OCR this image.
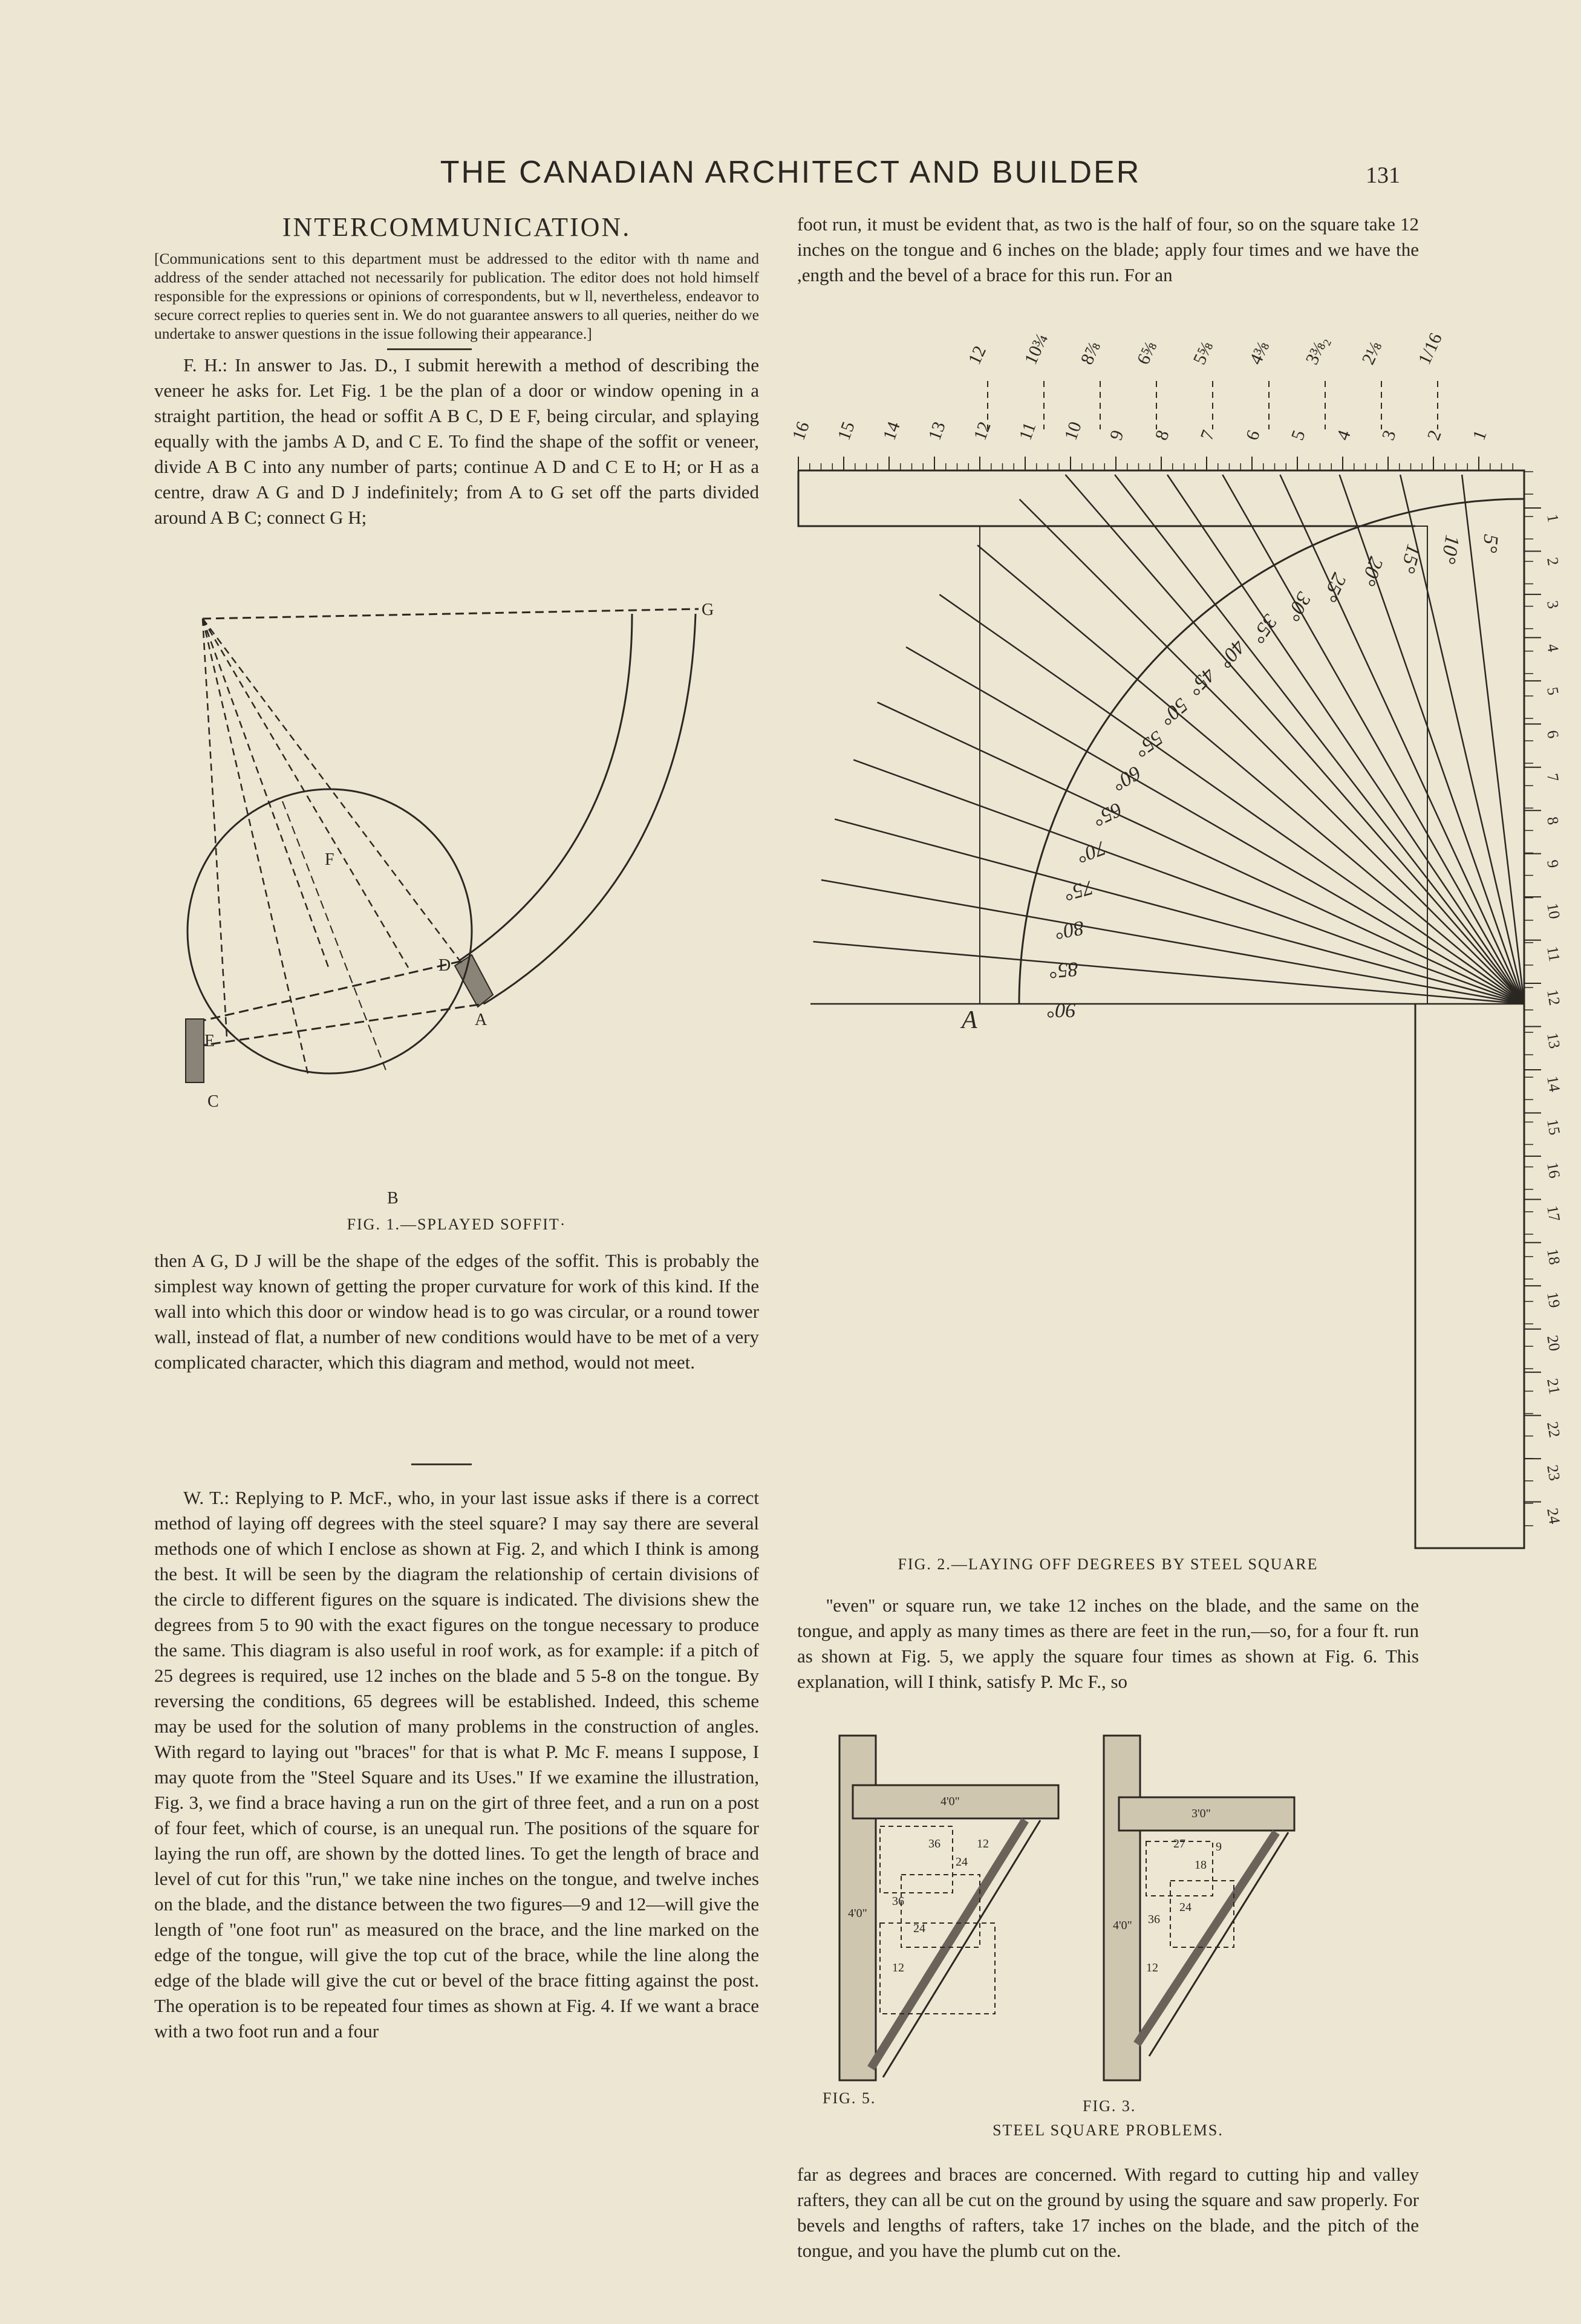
THE CANADIAN ARCHITECT AND BUILDER	131
INTERCOMMUNICATION.
[Communications sent to this department must be addressed to the editor with th name and address of the sender attached not necessarily for publication. The editor does not hold himself responsible for the expressions or opinions of correspondents, but w ll, nevertheless, endeavor to secure correct replies to queries sent in. We do not guarantee answers to all queries, neither do we undertake to answer questions in the issue following their appearance.]
F. H.: In answer to Jas. D., I submit herewith a method of describing the veneer he asks for. Let Fig. 1 be the plan of a door or window opening in a straight partition, the head or soffit A B C, D E F, being circular, and splaying equally with the jambs A D, and C E. To find the shape of the soffit or veneer, divide A B C into any number of parts; continue A D and C E to H; or H as a centre, draw A G and D J indefinitely; from A to G set off the parts divided around A B C; connect G H;
G
F
D
A
E
C
B
FIG. 1.—SPLAYED SOFFIT·
then A G, D J will be the shape of the edges of the soffit. This is probably the simplest way known of getting the proper curvature for work of this kind. If the wall into which this door or window head is to go was circular, or a round tower wall, instead of flat, a number of new conditions would have to be met of a very complicated character, which this diagram and method, would not meet.
W. T.: Replying to P. McF., who, in your last issue asks if there is a correct method of laying off degrees with the steel square? I may say there are several methods one of which I enclose as shown at Fig. 2, and which I think is among the best. It will be seen by the diagram the relationship of certain divisions of the circle to different figures on the square is indicated. The divisions shew the degrees from 5 to 90 with the exact figures on the tongue necessary to produce the same. This diagram is also useful in roof work, as for example: if a pitch of 25 degrees is required, use 12 inches on the blade and 5 5-8 on the tongue. By reversing the conditions, 65 degrees will be established. Indeed, this scheme may be used for the solution of many problems in the construction of angles. With regard to laying out ''braces'' for that is what P. Mc F. means I suppose, I may quote from the ''Steel Square and its Uses.'' If we examine the illustration, Fig. 3, we find a brace having a run on the girt of three feet, and a run on a post of four feet, which of course, is an unequal run. The positions of the square for laying the run off, are shown by the dotted lines. To get the length of brace and level of cut for this ''run,'' we take nine inches on the tongue, and twelve inches on the blade, and the distance between the two figures—9 and 12—will give the length of ''one foot run'' as measured on the brace, and the line marked on the edge of the tongue, will give the top cut of the brace, while the line along the edge of the blade will give the cut or bevel of the brace fitting against the post. The operation is to be repeated four times as shown at Fig. 4. If we want a brace with a two foot run and a four
foot run, it must be evident that, as two is the half of four, so on the square take 12 inches on the tongue and 6 inches on the blade; apply four times and we have the ,ength and the bevel of a brace for this run. For an
16 15 14 13 12 11 10 9 8 7 6 5 4 3 2 1
12 10¾ 8⅞ 6⅝ 5⅝ 4⅜ 3⅜₂ 2⅛ 1/16
1
2
3
4
5
6
7
8
9
10
11
12
13
14
15
16
17
18
19
20
21
22
23
24
5°
10°
15°
20°
25°
30°
35°
40°
45°
50°
55°
60°
65°
70°
75°
80°
85°
90°
A
FIG. 2.—LAYING OFF DEGREES BY STEEL SQUARE
''even'' or square run, we take 12 inches on the blade, and the same on the tongue, and apply as many times as there are feet in the run,—so, for a four ft. run as shown at Fig. 5, we apply the square four times as shown at Fig. 6. This explanation, will I think, satisfy P. Mc F., so
4'0"
4'0"
36
24
12
36
24
12
3'0"
4'0"
27
18
9
36
24
12
FIG. 5.	FIG. 3.
STEEL SQUARE PROBLEMS.
far as degrees and braces are concerned. With regard to cutting hip and valley rafters, they can all be cut on the ground by using the square and saw properly. For bevels and lengths of rafters, take 17 inches on the blade, and the pitch of the tongue, and you have the plumb cut on the.
